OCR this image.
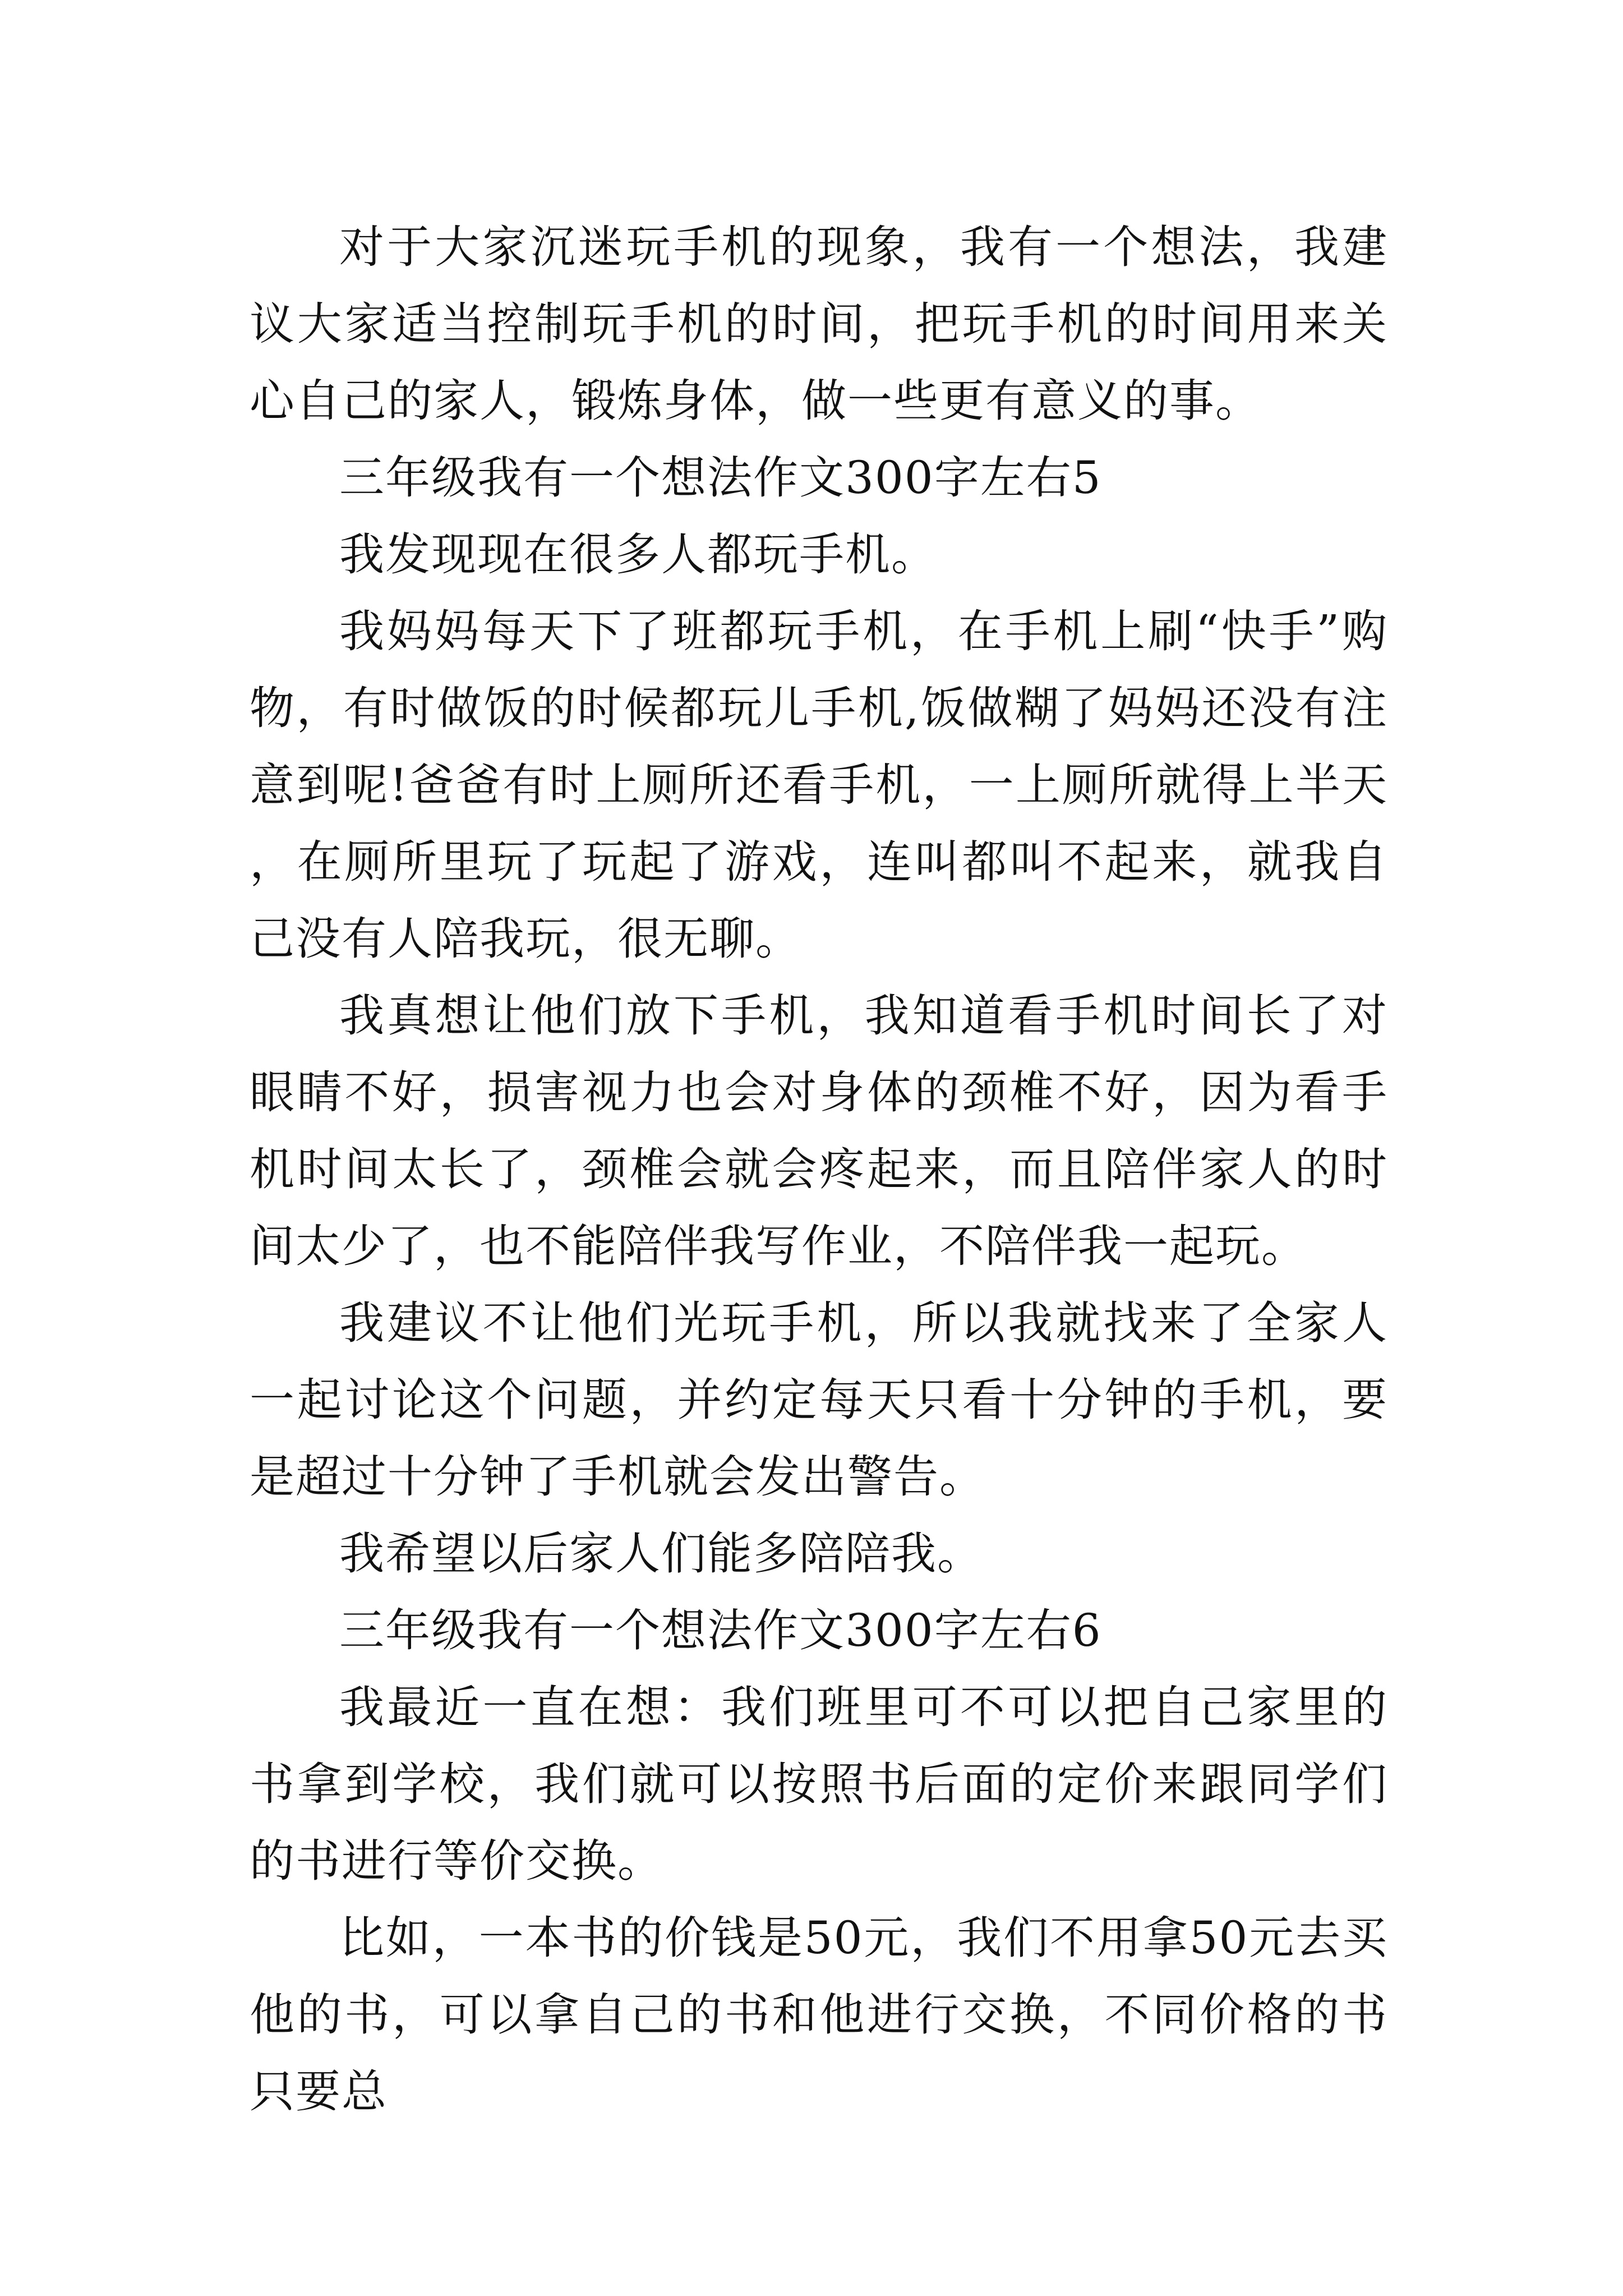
对于大家沉迷玩手机的现象，我有一个想法，我建议大家适当控制玩手机的时间，把玩手机的时间用来关心自己的家人，锻炼身体，做一些更有意义的事。

三年级我有一个想法作文300字左右5

我发现现在很多人都玩手机。

我妈妈每天下了班都玩手机，在手机上刷“快手”购物，有时做饭的时候都玩儿手机,饭做糊了妈妈还没有注意到呢!爸爸有时上厕所还看手机，一上厕所就得上半天，在厕所里玩了玩起了游戏，连叫都叫不起来，就我自己没有人陪我玩，很无聊。

我真想让他们放下手机，我知道看手机时间长了对眼睛不好，损害视力也会对身体的颈椎不好，因为看手机时间太长了，颈椎会就会疼起来，而且陪伴家人的时间太少了，也不能陪伴我写作业，不陪伴我一起玩。

我建议不让他们光玩手机，所以我就找来了全家人一起讨论这个问题，并约定每天只看十分钟的手机，要是超过十分钟了手机就会发出警告。

我希望以后家人们能多陪陪我。

三年级我有一个想法作文300字左右6

我最近一直在想：我们班里可不可以把自己家里的书拿到学校，我们就可以按照书后面的定价来跟同学们的书进行等价交换。

比如，一本书的价钱是50元，我们不用拿50元去买他的书，可以拿自己的书和他进行交换，不同价格的书只要总
